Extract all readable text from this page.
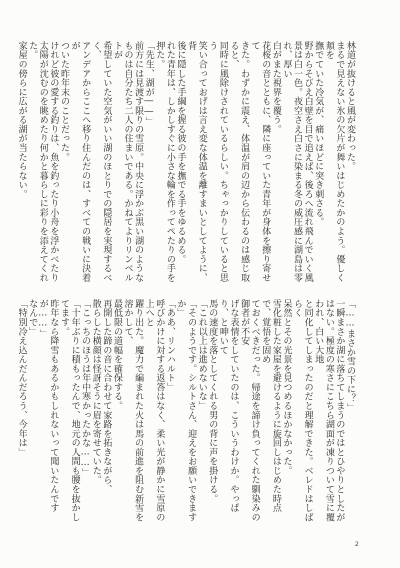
林道が抜けると風が変わった。

まるで見えない氷の欠片が舞いはじめたかのよう。優しく頬を

撫でていた冷気が、痛いほどに突き刺さる。

野からそびえ白壁を目で追えば、後ろへ流れ飛んでいく風

景は白一色。夜空さえ白さに染まる冬の威圧感に湖島は零れ、厚い

白がまた視界を覆う。

花桜の音とともに、隣に座っていた青年が身体を擦り寄せて

きた。わずかに震え、体温が肩の辺から伝わるのは感じ取ると、

同時に風除けされているらしい。ちゃっかりしていると思う

笑い合っておげは言え変な体温を離すまいとしてように、背

後に隠した手綱を握る彼の手を撫でる手をゆるめる。

れた青年は、しかしすぐに小さな輪を作ってぺたりの手を

押た。

「先生、湖が――」

前方には見渡す限りの雪原。中央に浮かぶ黒い湖のような

ものは自分たち二人の住まいである。かねてよりリンベルトが

希望していた空気がいい湖のほとりでの隠居を実現するべく、

アンデアからここへ移り住んだのは、すべての戦いに決着が

ついた昨年末のことだった。

けれど彼の愛する釣りは、魚を釣ったり小舟を浮かべたり

太陽が沈むのを眺めたり何かと暮らしに彩りを添えてくれた。

家屋の傍らに広がる湖が当たらない。

「……まさか雪の下に？」

一瞬まさか湖に落ちてしまうのではとひやりとしたが

はない。極度の寒さにこちら湖面が凍りついて雪に覆われ、白い大地

と同化してしまったのだと理解できた。ベレドはしばらく

呆然とその光景を見つめるほかなかった。

雪化粧した家屋を避けるように旋回しはじめた時点で、覚悟を固め

ておくべきだった。帰途を諦け負ってくれた馴染みの御者が不安

げな表情をしていたのは、こういうわけか。やっぱり、と呻いて

馬の速度を落としてくれる男の背に声を掛ける。

「これ以上は進めないな」

「そのようです。シルトさん、迎えをお願いできますか」

「ああ、リンハルト」

呼びかけに対する返答はなく、柔い光が静かに雪原の上へと

躍り出た。魔力で編まれた火は馬の前進を阻む新雪を溶かして、

最低限の道幅を確保する。

再開した蹄の音に合わせて家路を拓きながら、

散らした横顔は怪訝そうに眉を寄せていた。

「こっちのほうは年中寒かったかな……」

「十年ぶりに積もったんで、地元の人間も腰を抜かしてます。

昨年なら降雪もあるかもしれないって聞いたんですが……」

なんで」

「特別冷え込んだんだろう、今年は」

2
